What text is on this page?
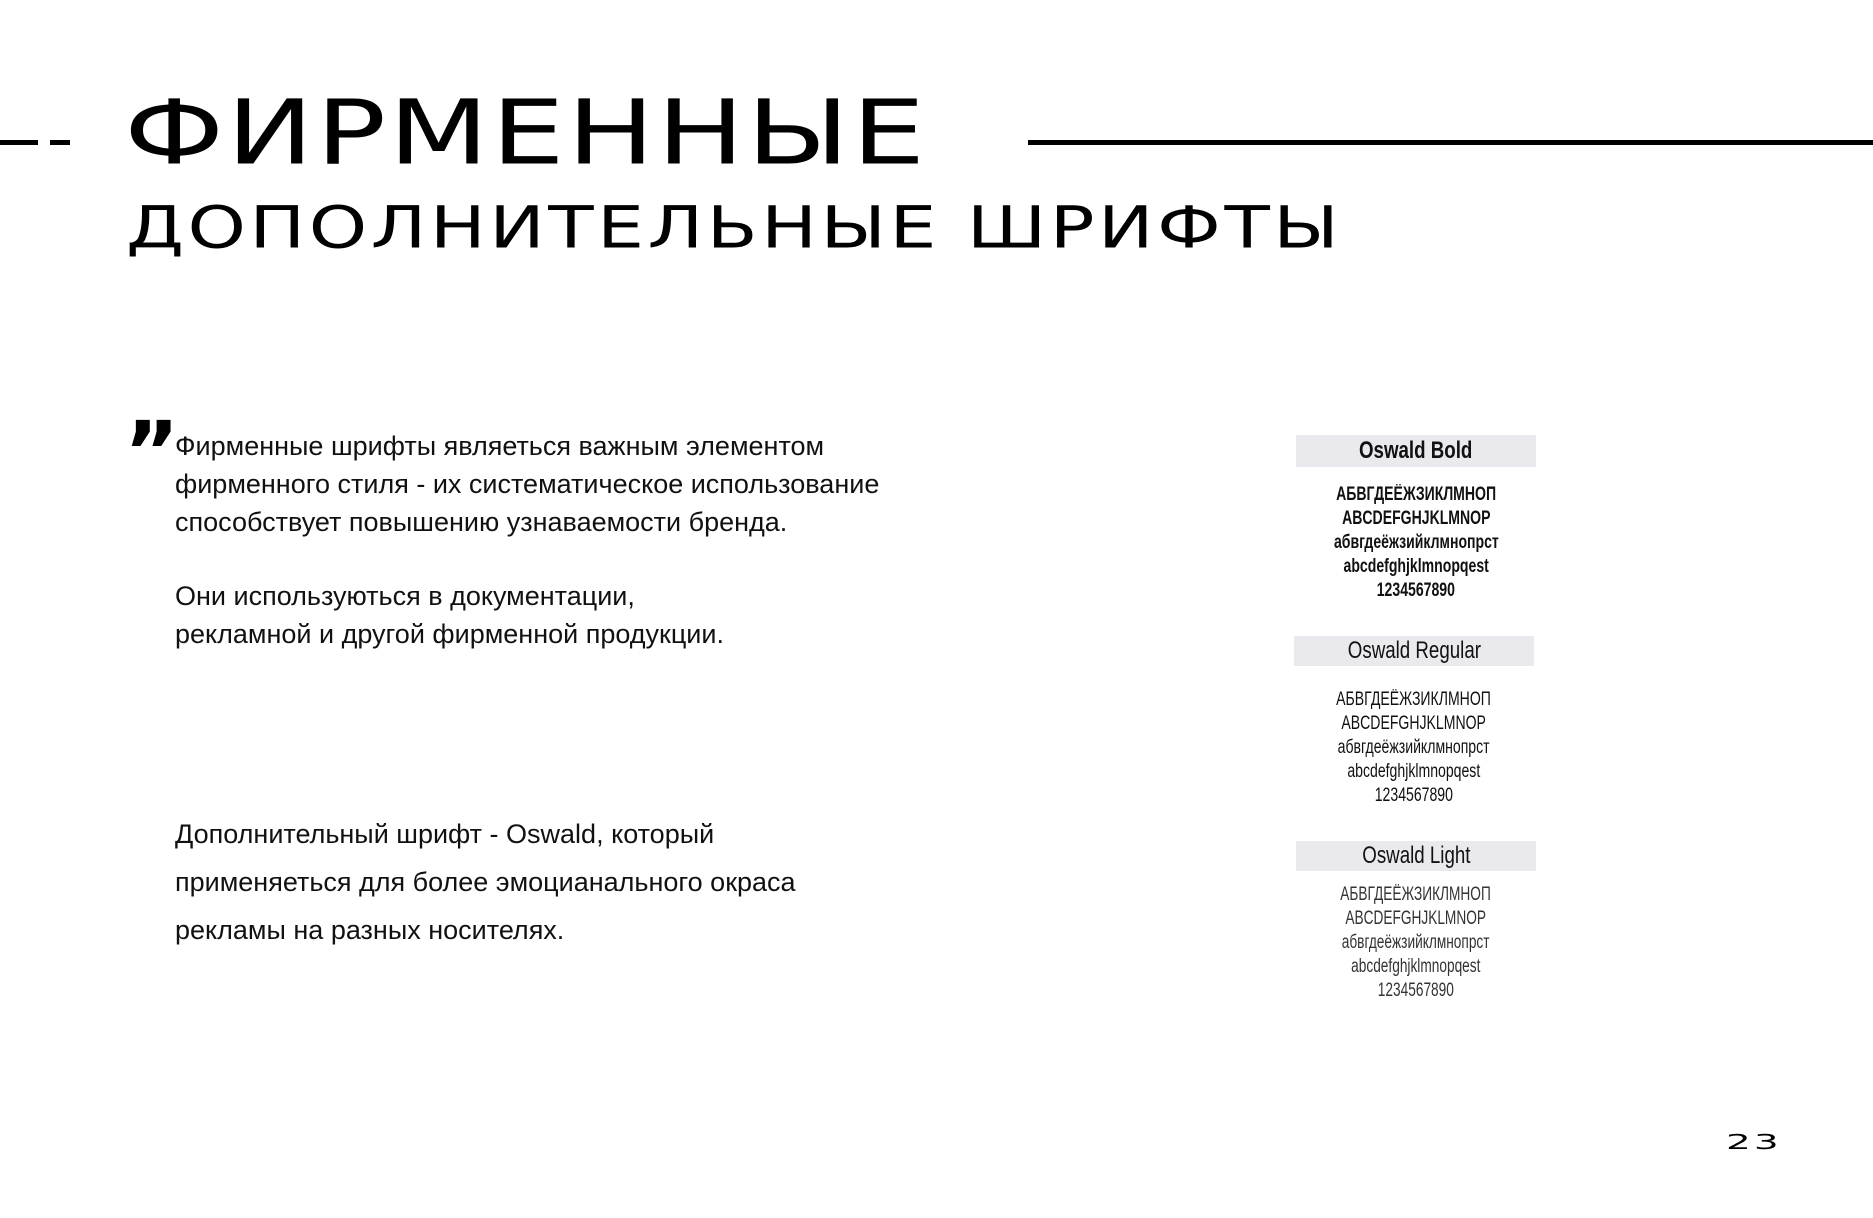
ФИРМЕННЫЕ
ДОПОЛНИТЕЛЬНЫЕ ШРИФТЫ
” Фирменные шрифты являеться важным элементом
фирменного стиля - их систематическое использование
способствует повышению узнаваемости бренда.

Они используються в документации,
рекламной и другой фирменной продукции.

Дополнительный шрифт - Oswald, который
применяеться для более эмоцианального окраса
рекламы на разных носителях.

Oswald Bold
АБВГДЕЁЖЗИКЛМНОП
ABCDEFGHJKLMNOP
абвгдеёжзийклмнопрст
abcdefghjklmnopqest
1234567890
Oswald Regular
АБВГДЕЁЖЗИКЛМНОП
ABCDEFGHJKLMNOP
абвгдеёжзийклмнопрст
abcdefghjklmnopqest
1234567890
Oswald Light
АБВГДЕЁЖЗИКЛМНОП
ABCDEFGHJKLMNOP
абвгдеёжзийклмнопрст
abcdefghjklmnopqest
1234567890
23
